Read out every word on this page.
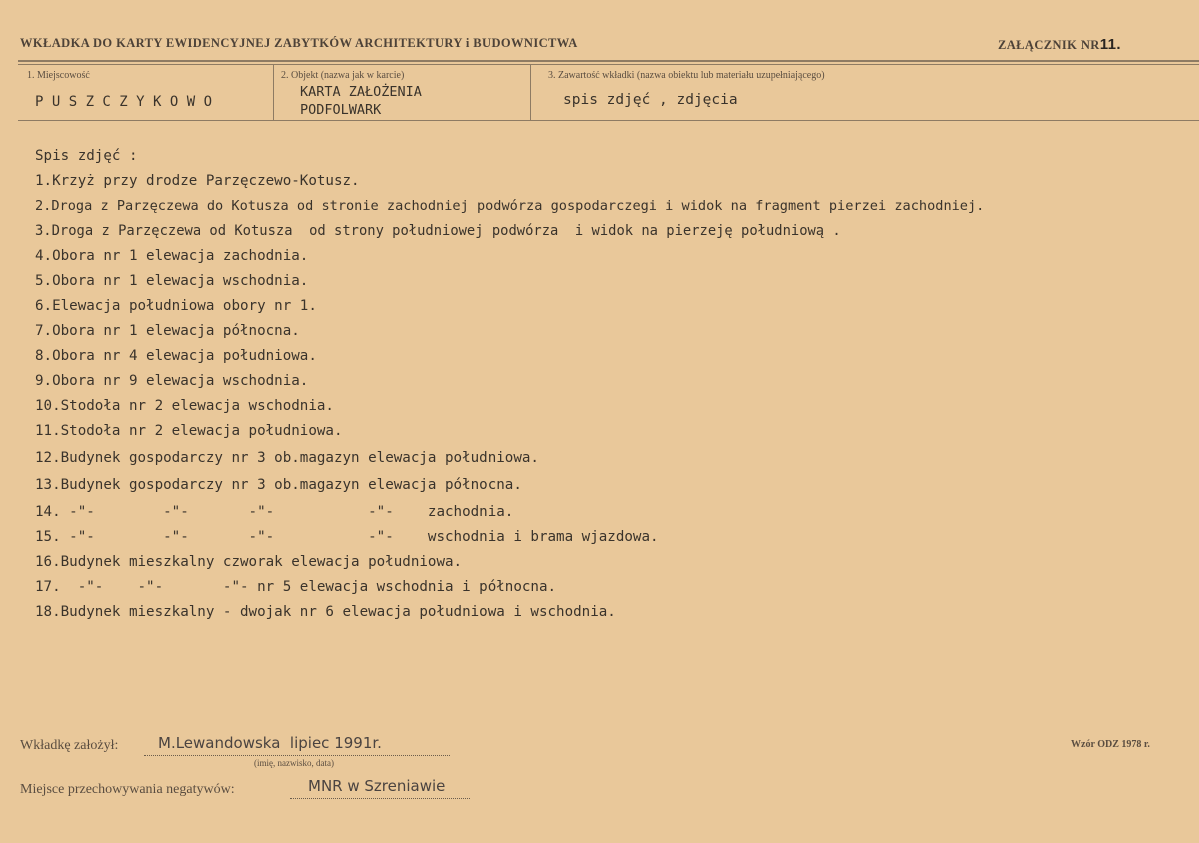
WKŁADKA DO KARTY EWIDENCYJNEJ ZABYTKÓW ARCHITEKTURY i BUDOWNICTWA	ZAŁĄCZNIK NR11.
1. Miejscowość
P U S Z C Z Y K O W O
2. Objekt (nazwa jak w karcie)
KARTA ZAŁOŻENIA
PODFOLWARK
3. Zawartość wkładki (nazwa obiektu lub materiału uzupełniającego)
spis zdjęć , zdjęcia
Spis zdjęć :
1.Krzyż przy drodze Parzęczewo-Kotusz.
2.Droga z Parzęczewa do Kotusza od stronie zachodniej podwórza gospodarczegi i widok na fragment pierzei zachodniej.
3.Droga z Parzęczewa od Kotusza  od strony południowej podwórza  i widok na pierzeję południową .
4.Obora nr 1 elewacja zachodnia.
5.Obora nr 1 elewacja wschodnia.
6.Elewacja południowa obory nr 1.
7.Obora nr 1 elewacja północna.
8.Obora nr 4 elewacja południowa.
9.Obora nr 9 elewacja wschodnia.
10.Stodoła nr 2 elewacja wschodnia.
11.Stodoła nr 2 elewacja południowa.
12.Budynek gospodarczy nr 3 ob.magazyn elewacja południowa.
13.Budynek gospodarczy nr 3 ob.magazyn elewacja północna.
14. -"-        -"-       -"-           -"-    zachodnia.
15. -"-        -"-       -"-           -"-    wschodnia i brama wjazdowa.
16.Budynek mieszkalny czworak elewacja południowa.
17.  -"-    -"-       -"- nr 5 elewacja wschodnia i północna.
18.Budynek mieszkalny - dwojak nr 6 elewacja południowa i wschodnia.
Wkładkę założył:	M.Lewandowska  lipiec 1991r.
(imię, nazwisko, data)
Miejsce przechowywania negatywów:	MNR w Szreniawie
Wzór ODZ 1978 r.
